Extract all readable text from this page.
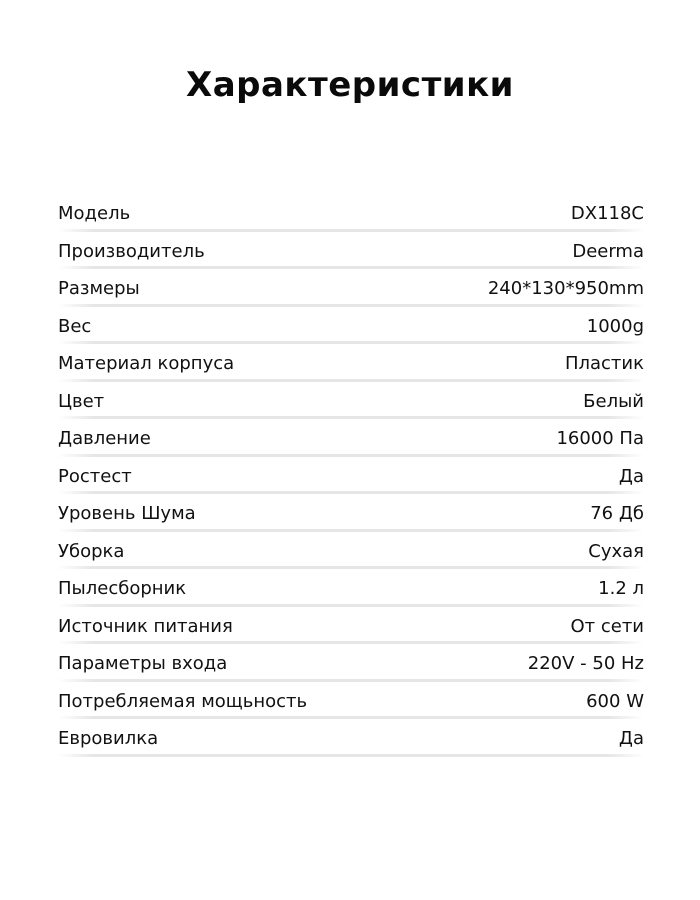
Характеристики
Модель	DX118C
Производитель	Deerma
Размеры	240*130*950mm
Вес	1000g
Материал корпуса	Пластик
Цвет	Белый
Давление	16000 Па
Ростест	Да
Уровень Шума	76 Дб
Уборка	Сухая
Пылесборник	1.2 л
Источник питания	От сети
Параметры входа	220V - 50 Hz
Потребляемая мощьность	600 W
Евровилка	Да
